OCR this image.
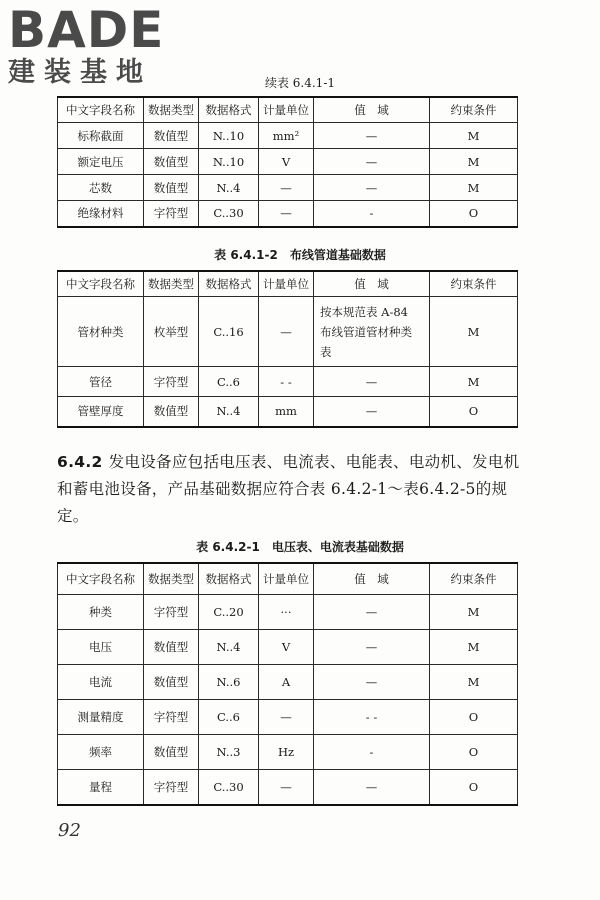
BADE
建装基地	续表 6.4.1-1
中文字段名称	数据类型	数据格式	计量单位	值　域	约束条件
标称截面	数值型	N..10	mm²	—	M
额定电压	数值型	N..10	V	—	M
芯数	数值型	N..4	—	—	M
绝缘材料	字符型	C..30	—	-	O
表 6.4.1-2　布线管道基础数据
中文字段名称	数据类型	数据格式	计量单位	值　域	约束条件
管材种类	枚举型	C..16	—	按本规范表 A-84 布线管道管材种类表	M
管径	字符型	C..6	- -	—	M
管壁厚度	数值型	N..4	mm	—	O
6.4.2 发电设备应包括电压表、电流表、电能表、电动机、发电机和蓄电池设备，产品基础数据应符合表 6.4.2-1～表6.4.2-5的规定。
表 6.4.2-1　电压表、电流表基础数据
中文字段名称	数据类型	数据格式	计量单位	值　域	约束条件
种类	字符型	C..20	···	—	M
电压	数值型	N..4	V	—	M
电流	数值型	N..6	A	—	M
测量精度	字符型	C..6	—	- -	O
频率	数值型	N..3	Hz	-	O
量程	字符型	C..30	—	—	O
92
